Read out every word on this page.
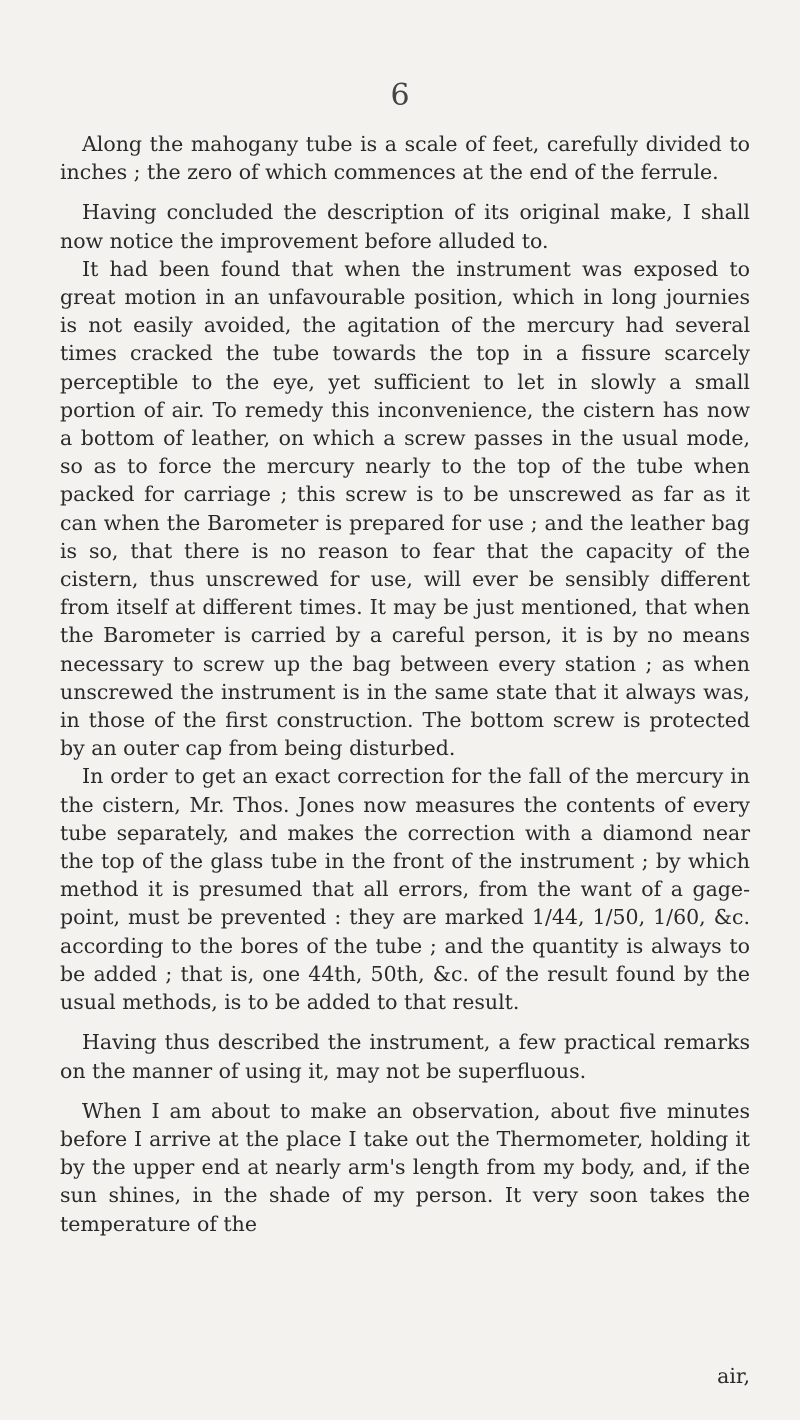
6

Along the mahogany tube is a scale of feet, carefully divided to inches ; the zero of which commences at the end of the ferrule.

Having concluded the description of its original make, I shall now notice the improvement before alluded to.

It had been found that when the instrument was exposed to great motion in an unfavourable position, which in long journies is not easily avoided, the agitation of the mercury had several times cracked the tube towards the top in a fissure scarcely perceptible to the eye, yet sufficient to let in slowly a small portion of air. To remedy this inconvenience, the cistern has now a bottom of leather, on which a screw passes in the usual mode, so as to force the mercury nearly to the top of the tube when packed for carriage ; this screw is to be unscrewed as far as it can when the Barometer is prepared for use ; and the leather bag is so, that there is no reason to fear that the capacity of the cistern, thus unscrewed for use, will ever be sensibly different from itself at different times. It may be just mentioned, that when the Barometer is carried by a careful person, it is by no means necessary to screw up the bag between every station ; as when unscrewed the instrument is in the same state that it always was, in those of the first construction. The bottom screw is protected by an outer cap from being disturbed.

In order to get an exact correction for the fall of the mercury in the cistern, Mr. Thos. Jones now measures the contents of every tube separately, and makes the correction with a diamond near the top of the glass tube in the front of the instrument ; by which method it is presumed that all errors, from the want of a gage-point, must be prevented : they are marked 1/44, 1/50, 1/60, &c. according to the bores of the tube ; and the quantity is always to be added ; that is, one 44th, 50th, &c. of the result found by the usual methods, is to be added to that result.

Having thus described the instrument, a few practical remarks on the manner of using it, may not be superfluous.

When I am about to make an observation, about five minutes before I arrive at the place I take out the Thermometer, holding it by the upper end at nearly arm's length from my body, and, if the sun shines, in the shade of my person. It very soon takes the temperature of the

air,
